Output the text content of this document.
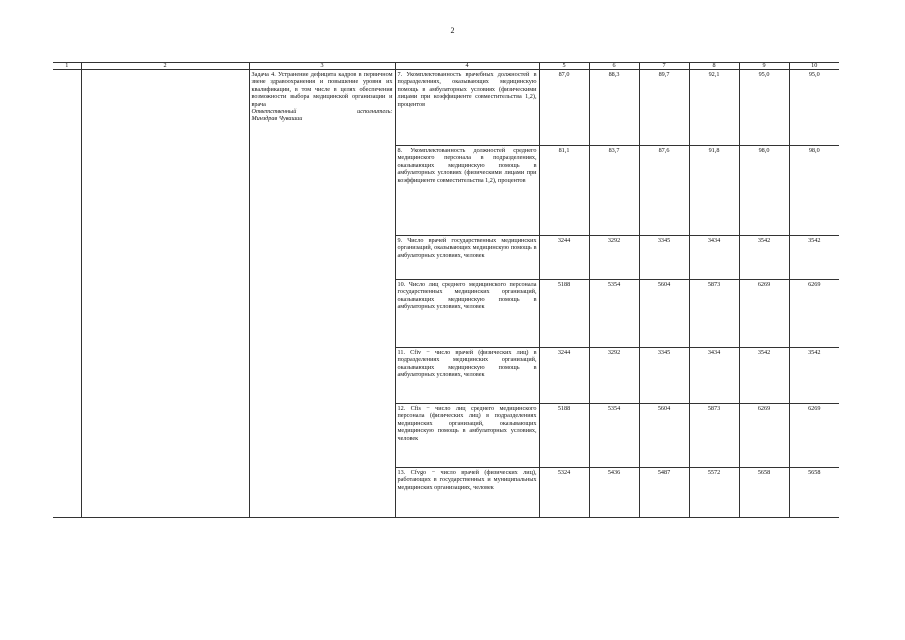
2
1	2	3	4	5	6	7	8	9	10

		Задача 4. Устранение дефицита кадров в первичном звене здравоохранения и повышение уровня их квалификации, в том числе в целях обеспечения возможности выбора медицинской организации и врача
Ответственный исполнитель:
Минздрав Чувашии	7. Укомплектованность врачебных должностей в подразделениях, оказывающих медицинскую помощь в амбулаторных условиях (физическими лицами при коэффициенте совместительства 1,2), процентов	87,0	88,3	89,7	92,1	95,0	95,0
			8. Укомплектованность должностей среднего медицинского персонала в подразделениях, оказывающих медицинскую помощь в амбулаторных условиях (физическими лицами при коэффициенте совместительства 1,2), процентов	81,1	83,7	87,6	91,8	98,0	98,0
			9. Число врачей государственных медицинских организаций, оказывающих медицинскую помощь в амбулаторных условиях, человек	3244	3292	3345	3434	3542	3542
			10. Число лиц среднего медицинского персонала государственных медицинских организаций, оказывающих медицинскую помощь в амбулаторных условиях, человек	5188	5354	5604	5873	6269	6269
			11. Сfiv − число врачей (физических лиц) в подразделениях медицинских организаций, оказывающих медицинскую помощь в амбулаторных условиях, человек	3244	3292	3345	3434	3542	3542
			12. Сfis − число лиц среднего медицинского персонала (физических лиц) в подразделениях медицинских организаций, оказывающих медицинскую помощь в амбулаторных условиях, человек	5188	5354	5604	5873	6269	6269
			13. Сfvgo − число врачей (физических лиц), работающих в государственных и муниципальных медицинских организациях, человек	5324	5436	5487	5572	5658	5658
